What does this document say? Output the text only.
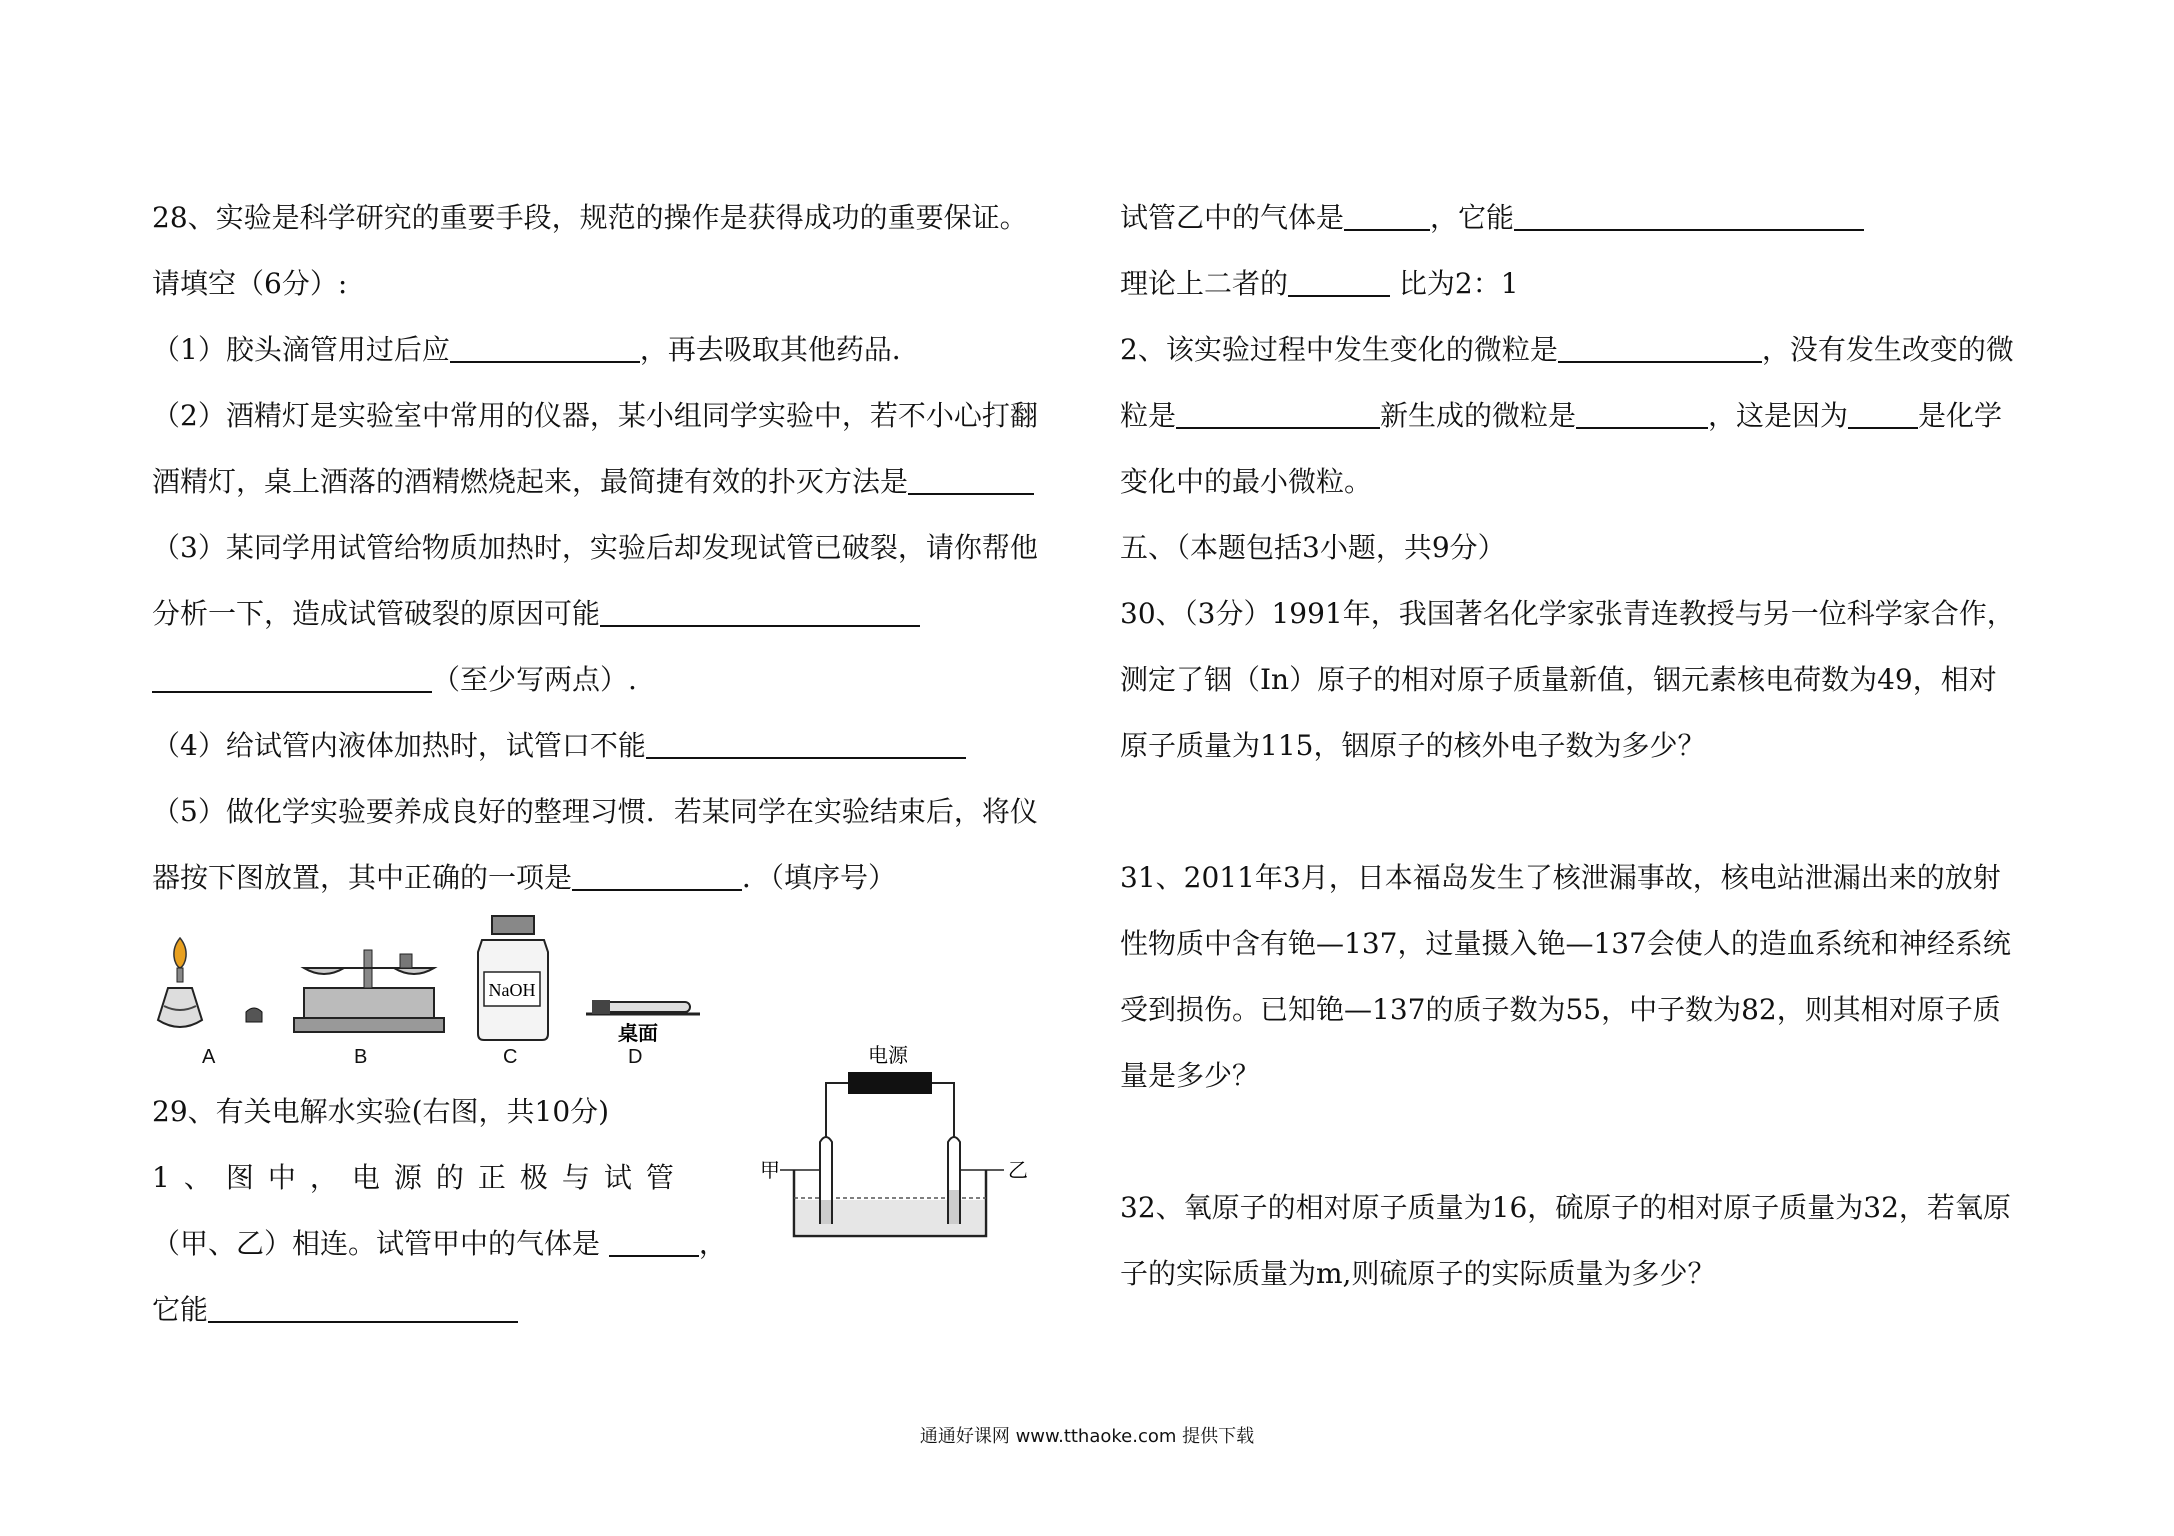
28、实验是科学研究的重要手段，规范的操作是获得成功的重要保证。
请填空（6分）:
（1）胶头滴管用过后应	，再去吸取其他药品．
（2）酒精灯是实验室中常用的仪器，某小组同学实验中，若不小心打翻
酒精灯，桌上酒落的酒精燃烧起来，最简捷有效的扑灭方法是
（3）某同学用试管给物质加热时，实验后却发现试管已破裂，请你帮他
分析一下，造成试管破裂的原因可能
（至少写两点）.
（4）给试管内液体加热时，试管口不能
（5）做化学实验要养成良好的整理习惯．若某同学在实验结束后，将仪
器按下图放置，其中正确的一项是	．（填序号）
NaOH
桌面
A	B	C	D
29、有关电解水实验(右图，共10分)
1、图中，电源的正极与试管
（甲、乙）相连。试管甲中的气体是	，
它能
电源
甲	乙
试管乙中的气体是	，它能
理论上二者的	比为2：1
2、该实验过程中发生变化的微粒是	，没有发生改变的微
粒是	新生成的微粒是	，这是因为	是化学
变化中的最小微粒。
五、（本题包括3小题，共9分）
30、（3分）1991年，我国著名化学家张青连教授与另一位科学家合作，
测定了铟（In）原子的相对原子质量新值，铟元素核电荷数为49，相对
原子质量为115，铟原子的核外电子数为多少？
31、2011年3月，日本福岛发生了核泄漏事故，核电站泄漏出来的放射
性物质中含有铯—137，过量摄入铯—137会使人的造血系统和神经系统
受到损伤。已知铯—137的质子数为55，中子数为82，则其相对原子质
量是多少？
32、氧原子的相对原子质量为16，硫原子的相对原子质量为32，若氧原
子的实际质量为m,则硫原子的实际质量为多少？
通通好课网 www.tthaoke.com 提供下载
